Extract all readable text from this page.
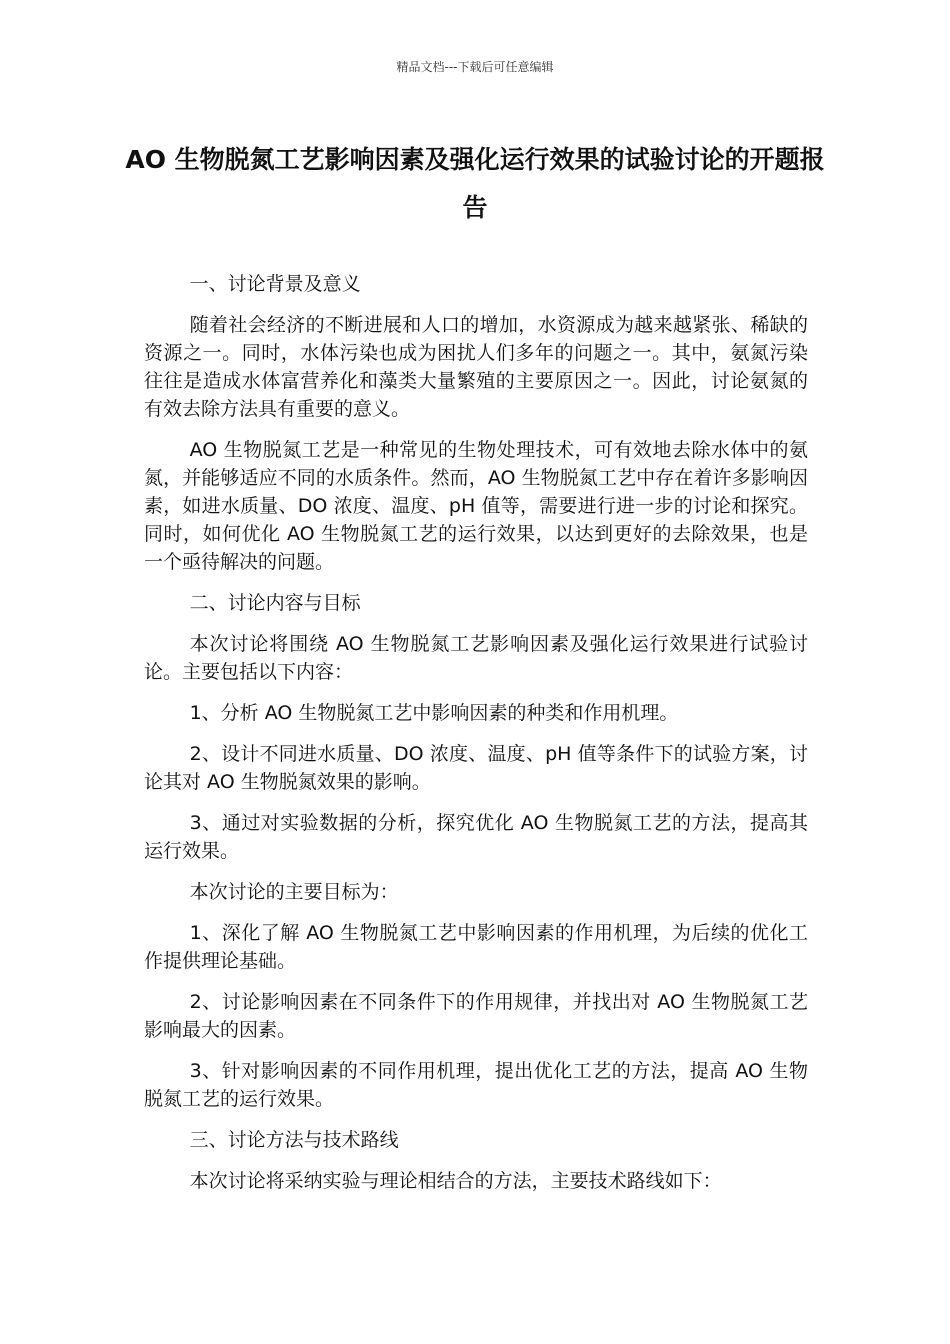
精品文档---下载后可任意编辑
AO 生物脱氮工艺影响因素及强化运行效果的试验讨论的开题报告

一、讨论背景及意义

随着社会经济的不断进展和人口的增加，水资源成为越来越紧张、稀缺的资源之一。同时，水体污染也成为困扰人们多年的问题之一。其中，氨氮污染往往是造成水体富营养化和藻类大量繁殖的主要原因之一。因此，讨论氨氮的有效去除方法具有重要的意义。

AO 生物脱氮工艺是一种常见的生物处理技术，可有效地去除水体中的氨氮，并能够适应不同的水质条件。然而，AO 生物脱氮工艺中存在着许多影响因素，如进水质量、DO 浓度、温度、pH 值等，需要进行进一步的讨论和探究。同时，如何优化 AO 生物脱氮工艺的运行效果，以达到更好的去除效果，也是一个亟待解决的问题。

二、讨论内容与目标

本次讨论将围绕 AO 生物脱氮工艺影响因素及强化运行效果进行试验讨论。主要包括以下内容：

1、分析 AO 生物脱氮工艺中影响因素的种类和作用机理。

2、设计不同进水质量、DO 浓度、温度、pH 值等条件下的试验方案，讨论其对 AO 生物脱氮效果的影响。

3、通过对实验数据的分析，探究优化 AO 生物脱氮工艺的方法，提高其运行效果。

本次讨论的主要目标为：

1、深化了解 AO 生物脱氮工艺中影响因素的作用机理，为后续的优化工作提供理论基础。

2、讨论影响因素在不同条件下的作用规律，并找出对 AO 生物脱氮工艺影响最大的因素。

3、针对影响因素的不同作用机理，提出优化工艺的方法，提高 AO 生物脱氮工艺的运行效果。

三、讨论方法与技术路线

本次讨论将采纳实验与理论相结合的方法，主要技术路线如下：
